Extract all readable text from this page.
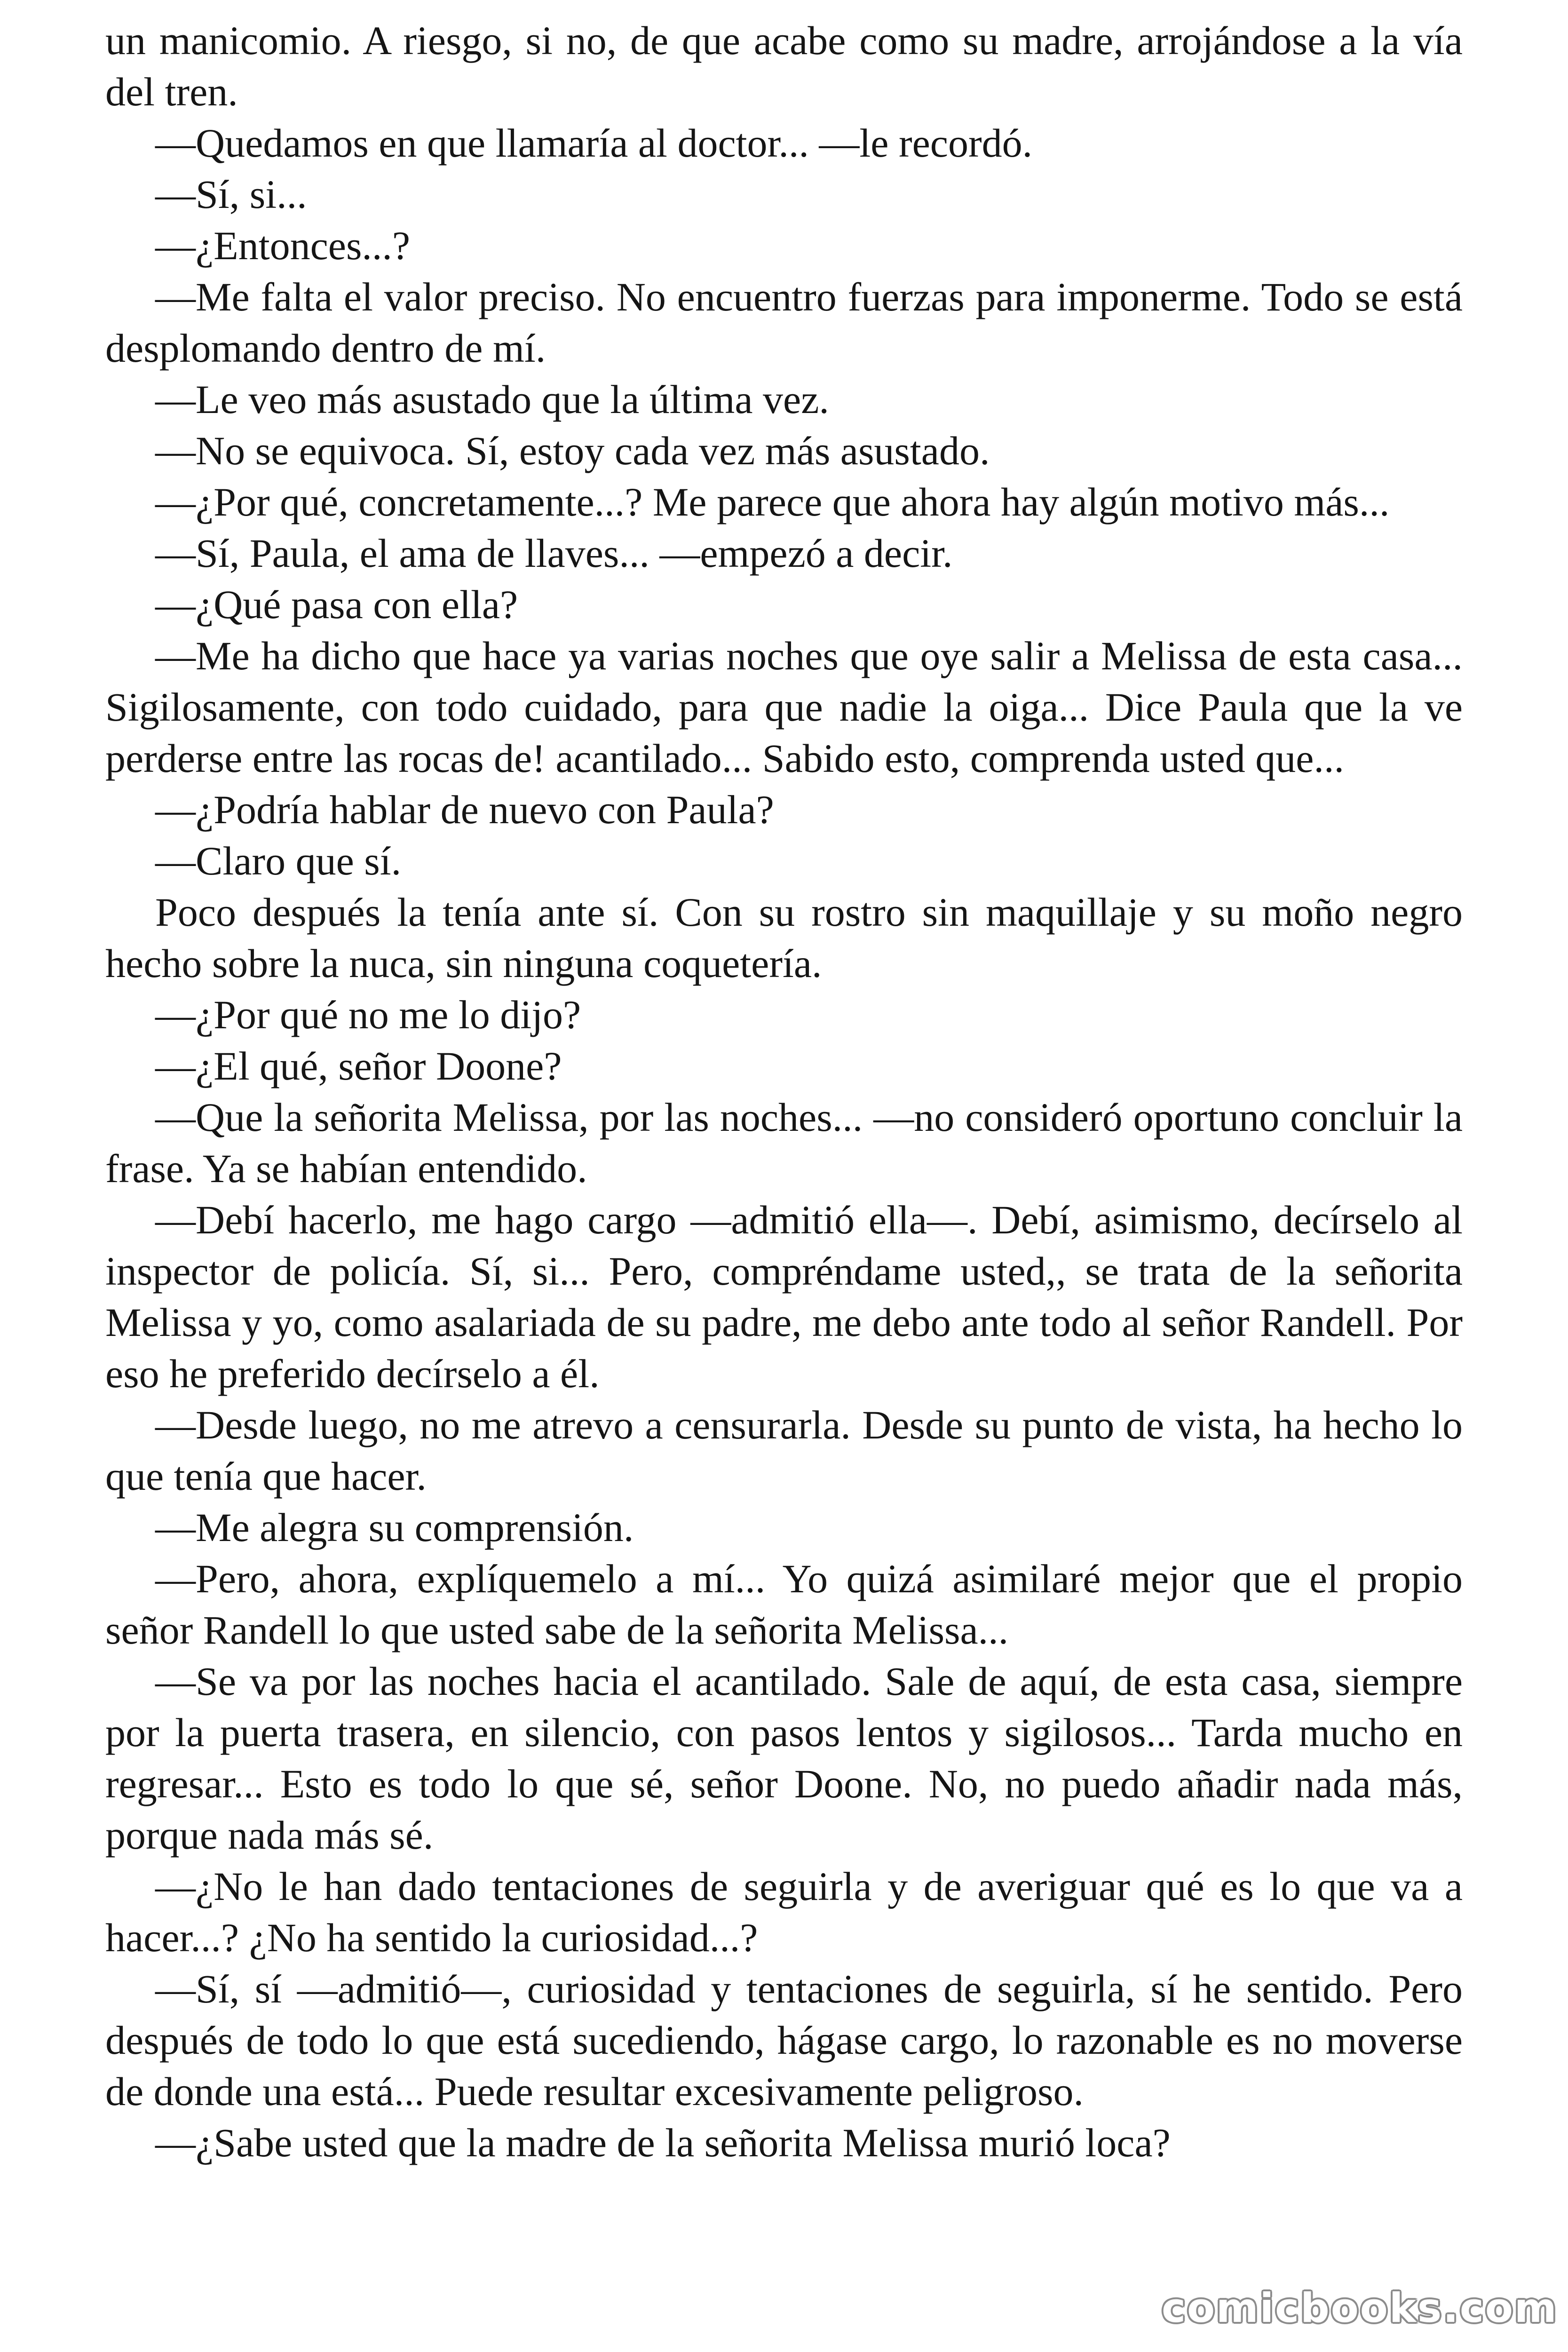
un manicomio. A riesgo, si no, de que acabe como su madre, arrojándose a la vía del tren.

—Quedamos en que llamaría al doctor... —le recordó.

—Sí, si...

—¿Entonces...?

—Me falta el valor preciso. No encuentro fuerzas para imponerme. Todo se está desplomando dentro de mí.

—Le veo más asustado que la última vez.

—No se equivoca. Sí, estoy cada vez más asustado.

—¿Por qué, concretamente...? Me parece que ahora hay algún motivo más...

—Sí, Paula, el ama de llaves... —empezó a decir.

—¿Qué pasa con ella?

—Me ha dicho que hace ya varias noches que oye salir a Melissa de esta casa... Sigilosamente, con todo cuidado, para que nadie la oiga... Dice Paula que la ve perderse entre las rocas de! acantilado... Sabido esto, comprenda usted que...

—¿Podría hablar de nuevo con Paula?

—Claro que sí.

Poco después la tenía ante sí. Con su rostro sin maquillaje y su moño negro hecho sobre la nuca, sin ninguna coquetería.

—¿Por qué no me lo dijo?

—¿El qué, señor Doone?

—Que la señorita Melissa, por las noches... —no consideró oportuno concluir la frase. Ya se habían entendido.

—Debí hacerlo, me hago cargo —admitió ella—. Debí, asimismo, decírselo al inspector de policía. Sí, si... Pero, compréndame usted,, se trata de la señorita Melissa y yo, como asalariada de su padre, me debo ante todo al señor Randell. Por eso he preferido decírselo a él.

—Desde luego, no me atrevo a censurarla. Desde su punto de vista, ha hecho lo que tenía que hacer.

—Me alegra su comprensión.

—Pero, ahora, explíquemelo a mí... Yo quizá asimilaré mejor que el propio señor Randell lo que usted sabe de la señorita Melissa...

—Se va por las noches hacia el acantilado. Sale de aquí, de esta casa, siempre por la puerta trasera, en silencio, con pasos lentos y sigilosos... Tarda mucho en regresar... Esto es todo lo que sé, señor Doone. No, no puedo añadir nada más, porque nada más sé.

—¿No le han dado tentaciones de seguirla y de averiguar qué es lo que va a hacer...? ¿No ha sentido la curiosidad...?

—Sí, sí —admitió—, curiosidad y tentaciones de seguirla, sí he sentido. Pero después de todo lo que está sucediendo, hágase cargo, lo razonable es no moverse de donde una está... Puede resultar excesivamente peligroso.

—¿Sabe usted que la madre de la señorita Melissa murió loca?

comicbooks.com
